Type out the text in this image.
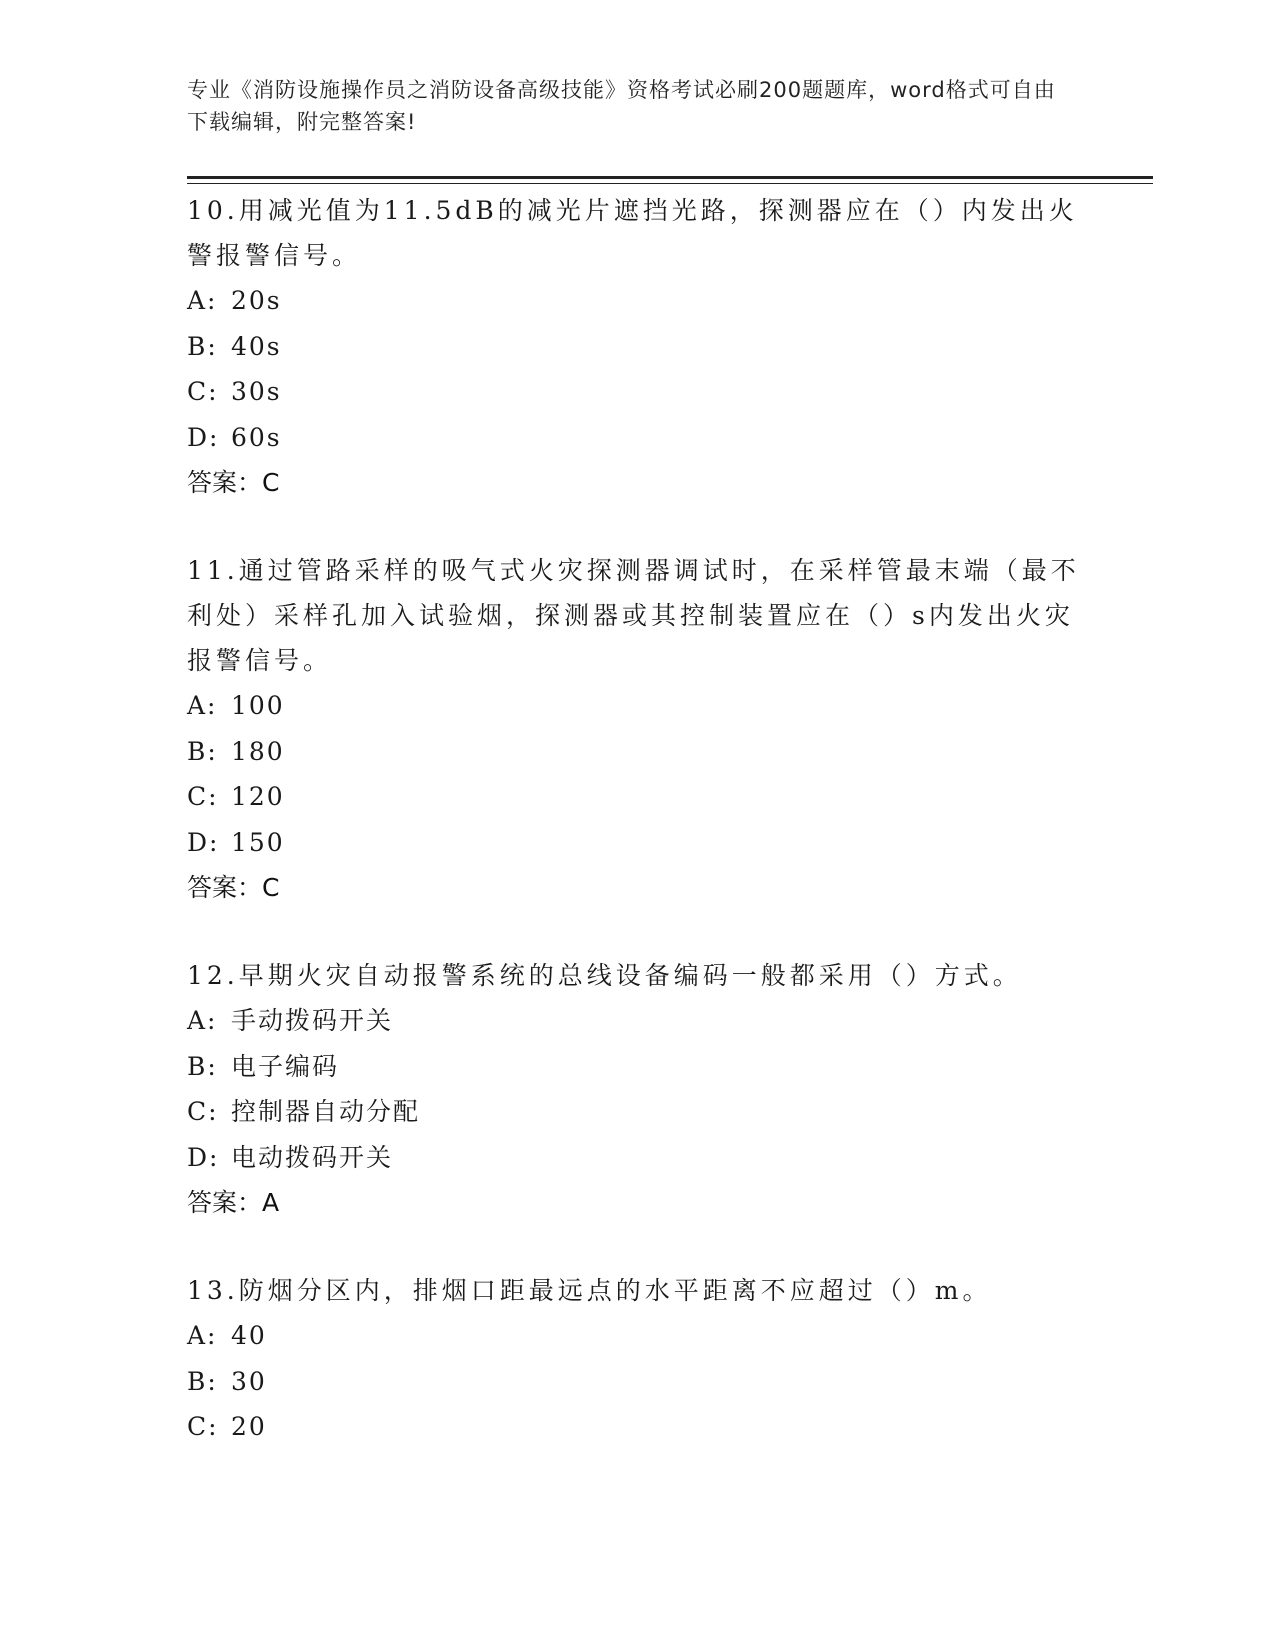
专业《消防设施操作员之消防设备高级技能》资格考试必刷200题题库，word格式可自由下载编辑，附完整答案!

10.用减光值为11.5dB的减光片遮挡光路，探测器应在（）内发出火警报警信号。

A: 20s

B: 40s

C: 30s

D: 60s

答案：C

11.通过管路采样的吸气式火灾探测器调试时，在采样管最末端（最不利处）采样孔加入试验烟，探测器或其控制装置应在（）s内发出火灾报警信号。

A: 100

B: 180

C: 120

D: 150

答案：C

12.早期火灾自动报警系统的总线设备编码一般都采用（）方式。

A: 手动拨码开关

B: 电子编码

C: 控制器自动分配

D: 电动拨码开关

答案：A

13.防烟分区内，排烟口距最远点的水平距离不应超过（）m。

A: 40

B: 30

C: 20
